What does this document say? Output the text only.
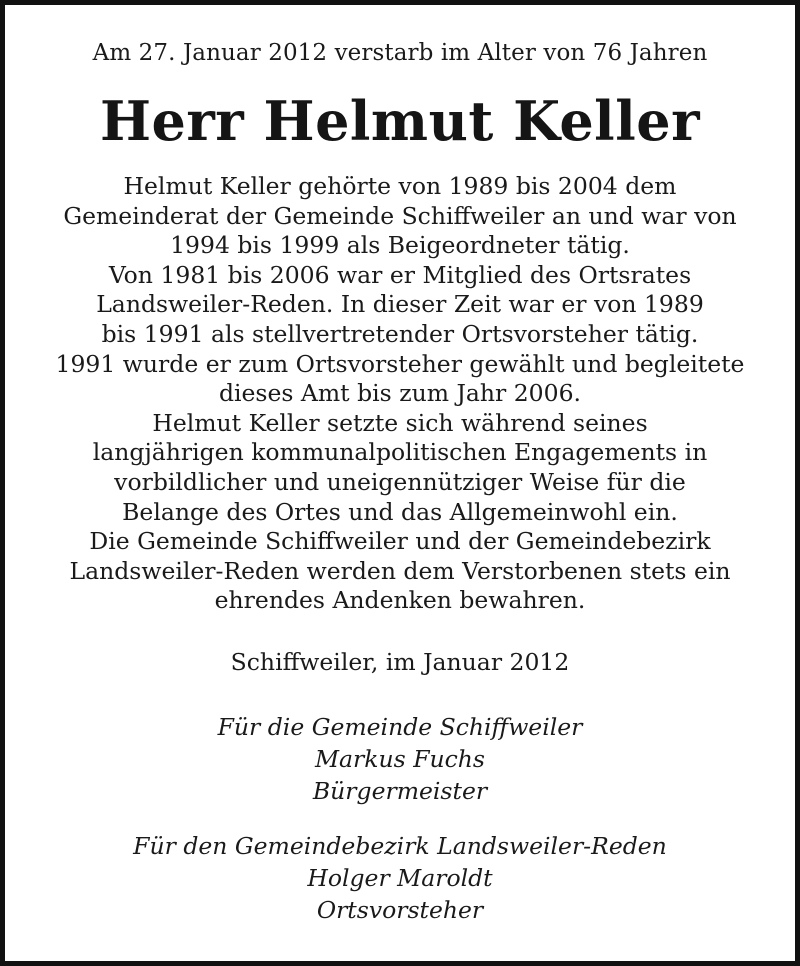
Am 27. Januar 2012 verstarb im Alter von 76 Jahren
Herr Helmut Keller
Helmut Keller gehörte von 1989 bis 2004 dem
Gemeinderat der Gemeinde Schiffweiler an und war von
1994 bis 1999 als Beigeordneter tätig.
Von 1981 bis 2006 war er Mitglied des Ortsrates
Landsweiler-Reden. In dieser Zeit war er von 1989
bis 1991 als stellvertretender Ortsvorsteher tätig.
1991 wurde er zum Ortsvorsteher gewählt und begleitete
dieses Amt bis zum Jahr 2006.
Helmut Keller setzte sich während seines
langjährigen kommunalpolitischen Engagements in
vorbildlicher und uneigennütziger Weise für die
Belange des Ortes und das Allgemeinwohl ein.
Die Gemeinde Schiffweiler und der Gemeindebezirk
Landsweiler-Reden werden dem Verstorbenen stets ein
ehrendes Andenken bewahren.
Schiffweiler, im Januar 2012
Für die Gemeinde Schiffweiler
Markus Fuchs
Bürgermeister
Für den Gemeindebezirk Landsweiler-Reden
Holger Maroldt
Ortsvorsteher
